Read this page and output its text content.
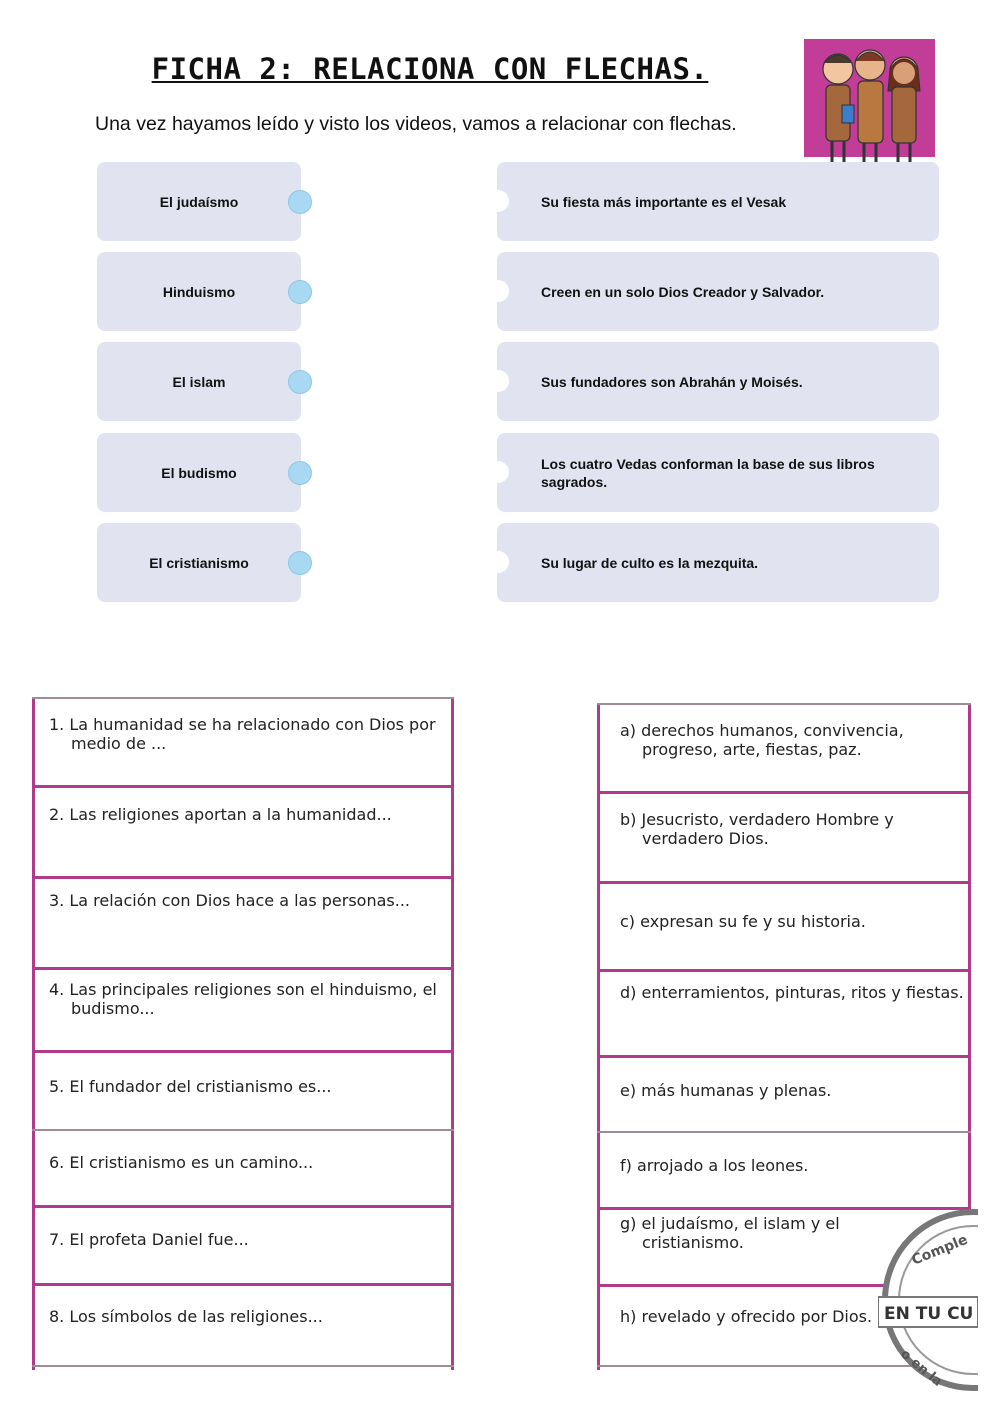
FICHA 2: RELACIONA CON FLECHAS.
Una vez hayamos leído y visto los videos, vamos a relacionar con flechas.
El judaísmo
Hinduismo
El islam
El budismo
El cristianismo
Su fiesta más importante es el Vesak
Creen en un solo Dios Creador y Salvador.
Sus fundadores son Abrahán y Moisés.
Los cuatro Vedas conforman la base de sus libros sagrados.
Su lugar de culto es la mezquita.
1. La humanidad se ha relacionado con Dios por medio de ...
2. Las religiones aportan a la humanidad...
3. La relación con Dios hace a las personas...
4. Las principales religiones son el hinduismo, el budismo...
5. El fundador del cristianismo es...
6. El cristianismo es un camino...
7. El profeta Daniel fue...
8. Los símbolos de las religiones...
a) derechos humanos, convivencia, progreso, arte, fiestas, paz.
b) Jesucristo, verdadero Hombre y verdadero Dios.
c) expresan su fe y su historia.
d) enterramientos, pinturas, ritos y fiestas.
e) más humanas y plenas.
f) arrojado a los leones.
g) el judaísmo, el islam y el cristianismo.
h) revelado y ofrecido por Dios.
Comple
EN TU CU
o en la
